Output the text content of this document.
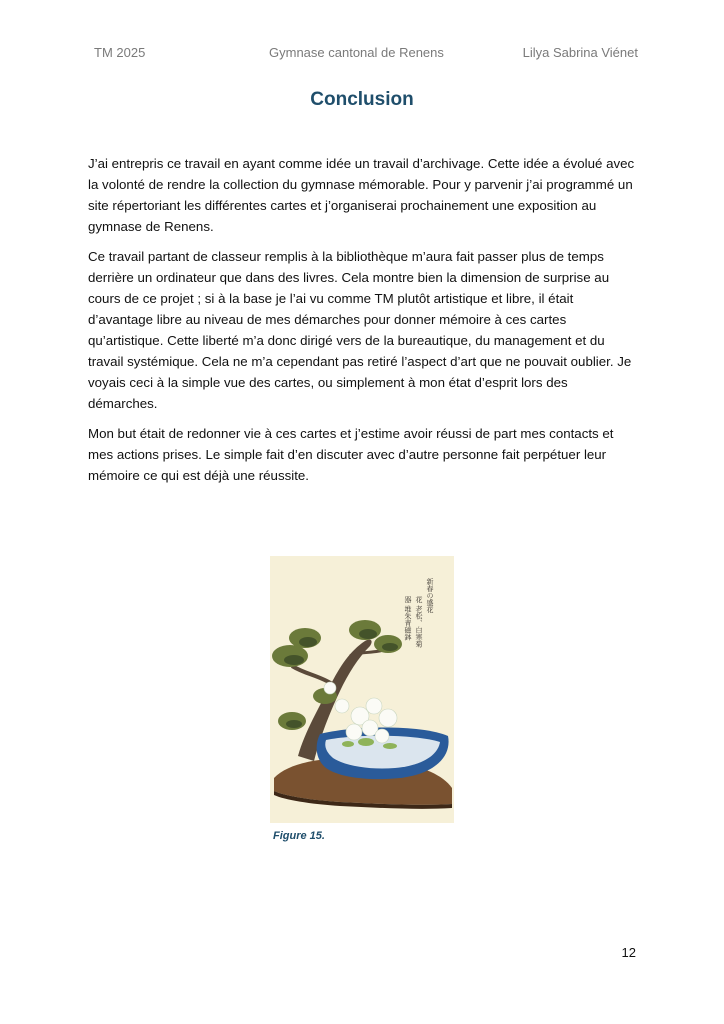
TM 2025	Gymnase cantonal de Renens	Lilya Sabrina Viénet
Conclusion

J’ai entrepris ce travail en ayant comme idée un travail d’archivage. Cette idée a évolué avec la volonté de rendre la collection du gymnase mémorable. Pour y parvenir j’ai programmé un site répertoriant les différentes cartes et j’organiserai prochainement une exposition au gymnase de Renens.

Ce travail partant de classeur remplis à la bibliothèque m’aura fait passer plus de temps derrière un ordinateur que dans des livres. Cela montre bien la dimension de surprise au cours de ce projet ; si à la base je l’ai vu comme TM plutôt artistique et libre, il était d’avantage libre au niveau de mes démarches pour donner mémoire à ces cartes qu’artistique. Cette liberté m’a donc dirigé vers de la bureautique, du management et du travail systémique. Cela ne m’a cependant pas retiré l’aspect d’art que ne pouvait oublier. Je voyais ceci à la simple vue des cartes, ou simplement à mon état d’esprit lors des démarches.

Mon but était de redonner vie à ces cartes et j’estime avoir réussi de part mes contacts et mes actions prises. Le simple fait d’en discuter avec d’autre personne fait perpétuer leur mémoire ce qui est déjà une réussite.

新春の盛花
花 老松、白寒菊
器 堆朱青磁鉢
Figure 15.
12
